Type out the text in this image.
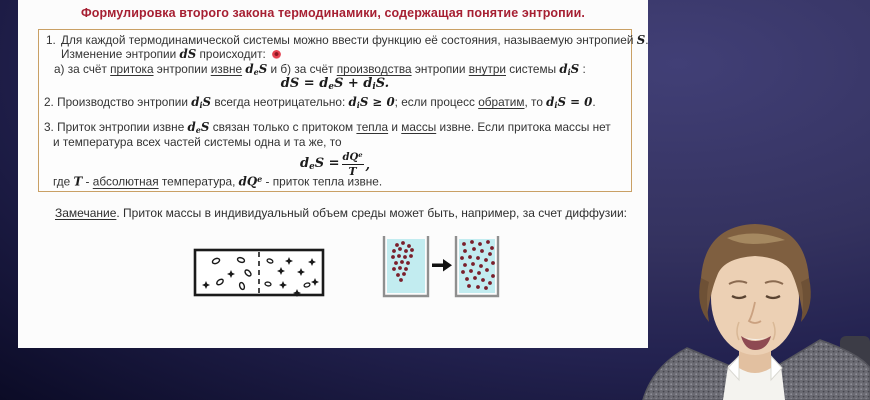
Формулировка второго закона термодинамики, содержащая понятие энтропии.
1. Для каждой термодинамической системы можно ввести функцию её состояния, называемую энтропией S.
Изменение энтропии dS происходит:
а) за счёт притока энтропии извне $d_eS$ и б) за счёт производства энтропии внутри системы $d_iS$ :
dS = $d_eS + d_iS$.
2. Производство энтропии $d_iS$ всегда неотрицательно: $d_iS \ge 0$; если процесс обратим, то $d_iS = 0$.
3. Приток энтропии извне $d_eS$ связан только с притоком тепла и массы извне. Если притока массы нет
и температура всех частей системы одна и та же, то
$d_eS = \frac{dQ^e}{T}$ ,
где T - абсолютная температура, $dQ^e$ - приток тепла извне.
Замечание. Приток массы в индивидуальный объем среды может быть, например, за счет диффузии:
